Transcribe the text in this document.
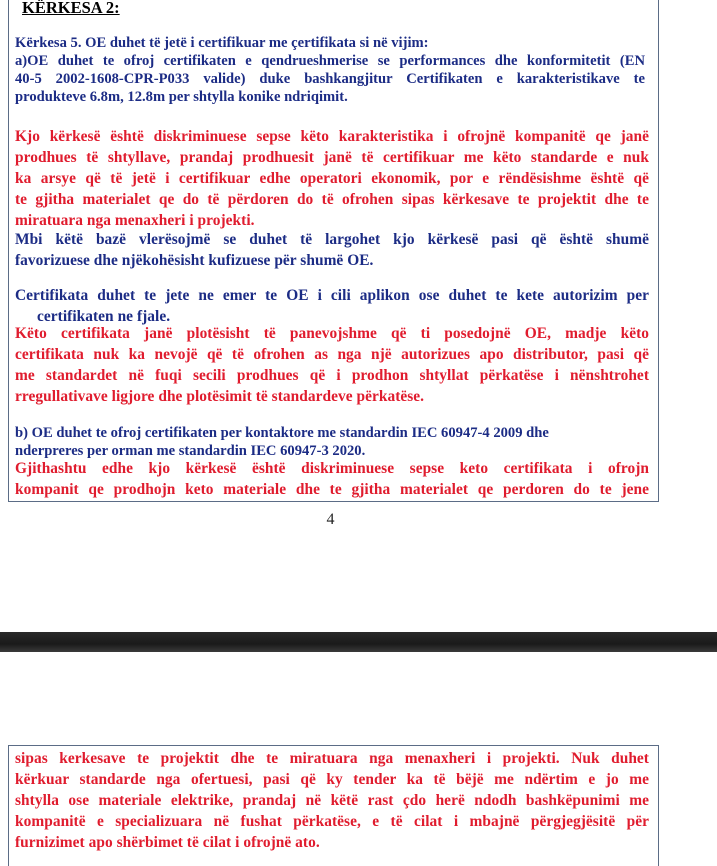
KËRKESA 2:
Kërkesa 5. OE duhet të jetë i certifikuar me çertifikata si në vijim:
a)OE duhet te ofroj certifikaten e qendrueshmerise se performances dhe konformitetit (EN
40-5 2002-1608-CPR-P033 valide) duke bashkangjitur Certifikaten e karakteristikave te
produkteve 6.8m, 12.8m per shtylla konike ndriqimit.
Kjo kërkesë është diskriminuese sepse këto karakteristika i ofrojnë kompanitë qe janë
prodhues të shtyllave, prandaj prodhuesit janë të certifikuar me këto standarde e nuk
ka arsye që të jetë i certifikuar edhe operatori ekonomik, por e rëndësishme është që
te gjitha materialet qe do të përdoren do të ofrohen sipas kërkesave te projektit dhe te
miratuara nga menaxheri i projekti.
Mbi këtë bazë vlerësojmë se duhet të largohet kjo kërkesë pasi që është shumë
favorizuese dhe njëkohësisht kufizuese për shumë OE.
Certifikata duhet te jete ne emer te OE i cili aplikon ose duhet te kete autorizim per
certifikaten ne fjale.
Këto certifikata janë plotësisht të panevojshme që ti posedojnë OE, madje këto
certifikata nuk ka nevojë që të ofrohen as nga një autorizues apo distributor, pasi që
me standardet në fuqi secili prodhues që i prodhon shtyllat përkatëse i nënshtrohet
rregullativave ligjore dhe plotësimit të standardeve përkatëse.
b) OE duhet te ofroj certifikaten per kontaktore me standardin IEC 60947-4 2009 dhe
nderpreres per orman me standardin IEC 60947-3 2020.
Gjithashtu edhe kjo kërkesë është diskriminuese sepse keto certifikata i ofrojn
kompanit qe prodhojn keto materiale dhe te gjitha materialet qe perdoren do te jene
4
sipas kerkesave te projektit dhe te miratuara nga menaxheri i projekti. Nuk duhet
kërkuar standarde nga ofertuesi, pasi që ky tender ka të bëjë me ndërtim e jo me
shtylla ose materiale elektrike, prandaj në këtë rast çdo herë ndodh bashkëpunimi me
kompanitë e specializuara në fushat përkatëse, e të cilat i mbajnë përgjegjësitë për
furnizimet apo shërbimet të cilat i ofrojnë ato.
